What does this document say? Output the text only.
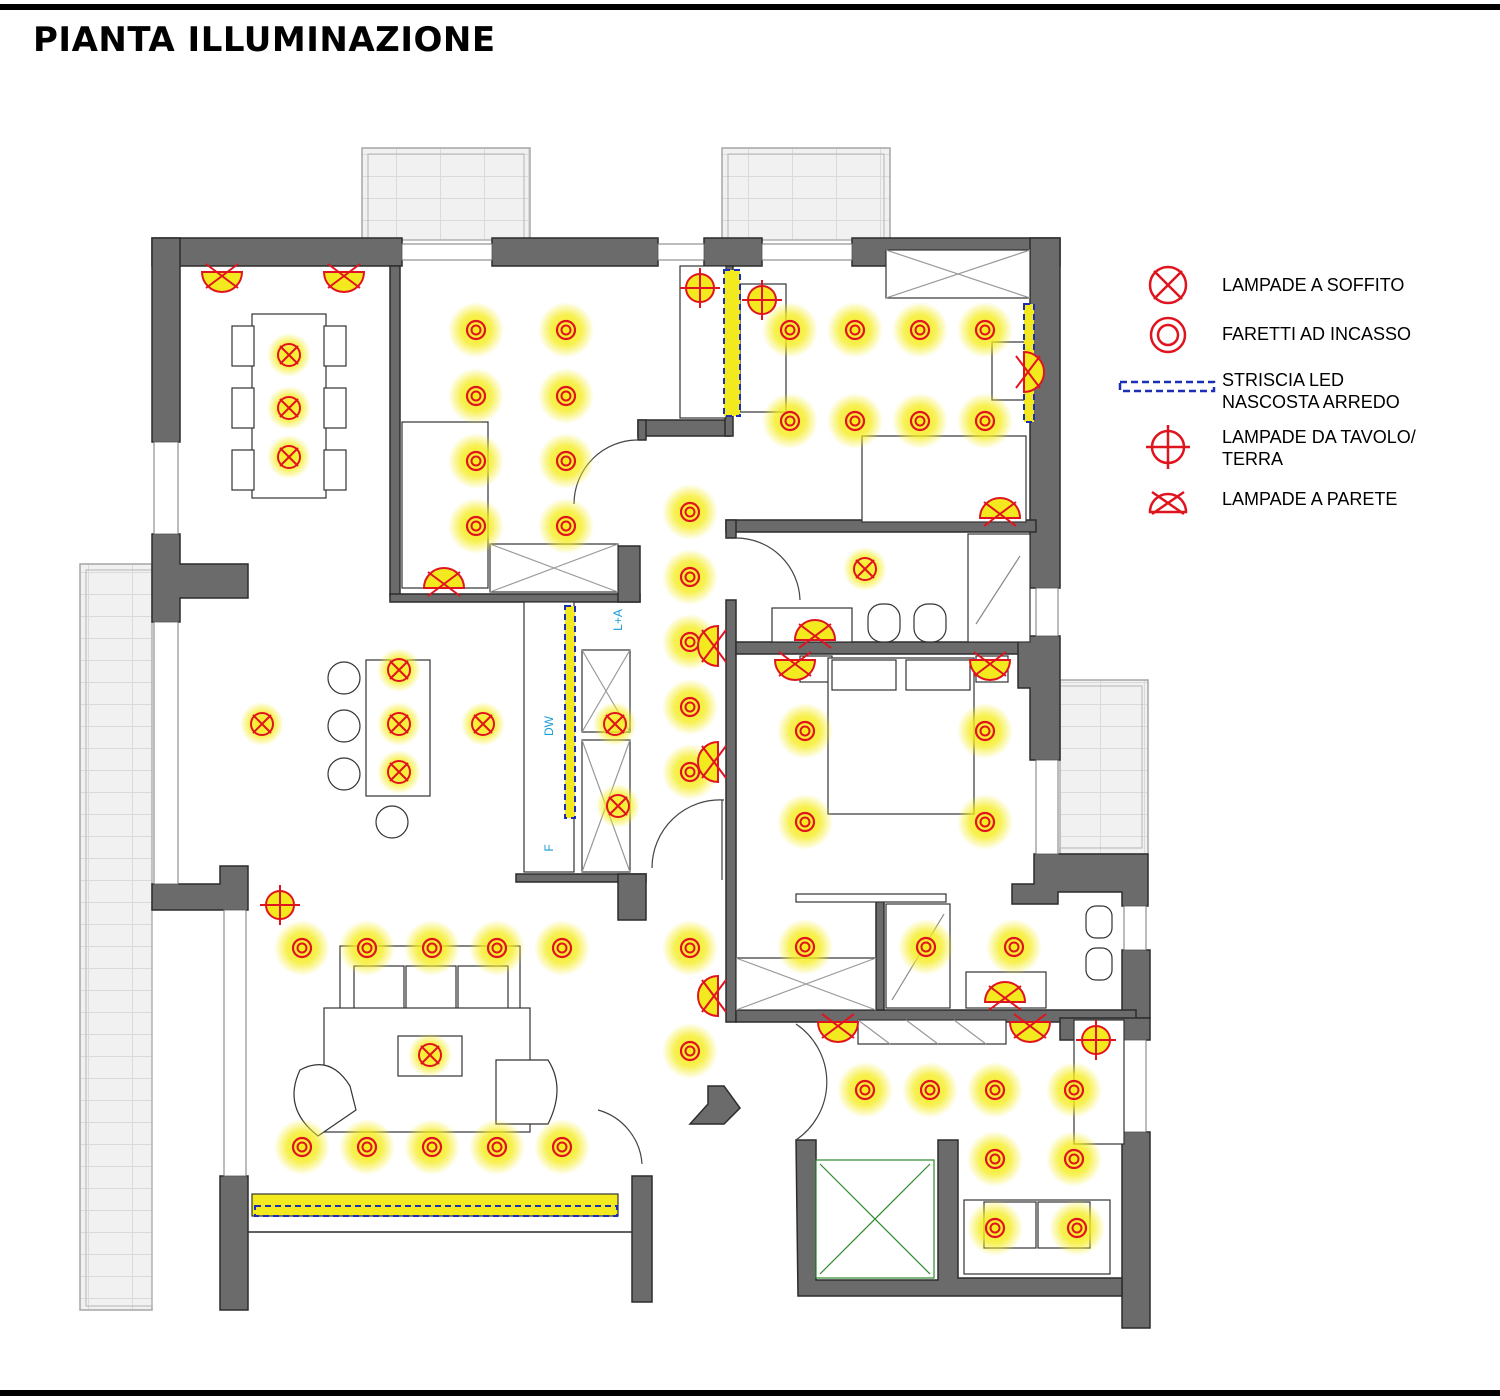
PIANTA ILLUMINAZIONE
L+A
DW
F
LAMPADE A SOFFITO
FARETTI AD INCASSO
STRISCIA LED
NASCOSTA ARREDO
LAMPADE DA TAVOLO/
TERRA
LAMPADE A PARETE
